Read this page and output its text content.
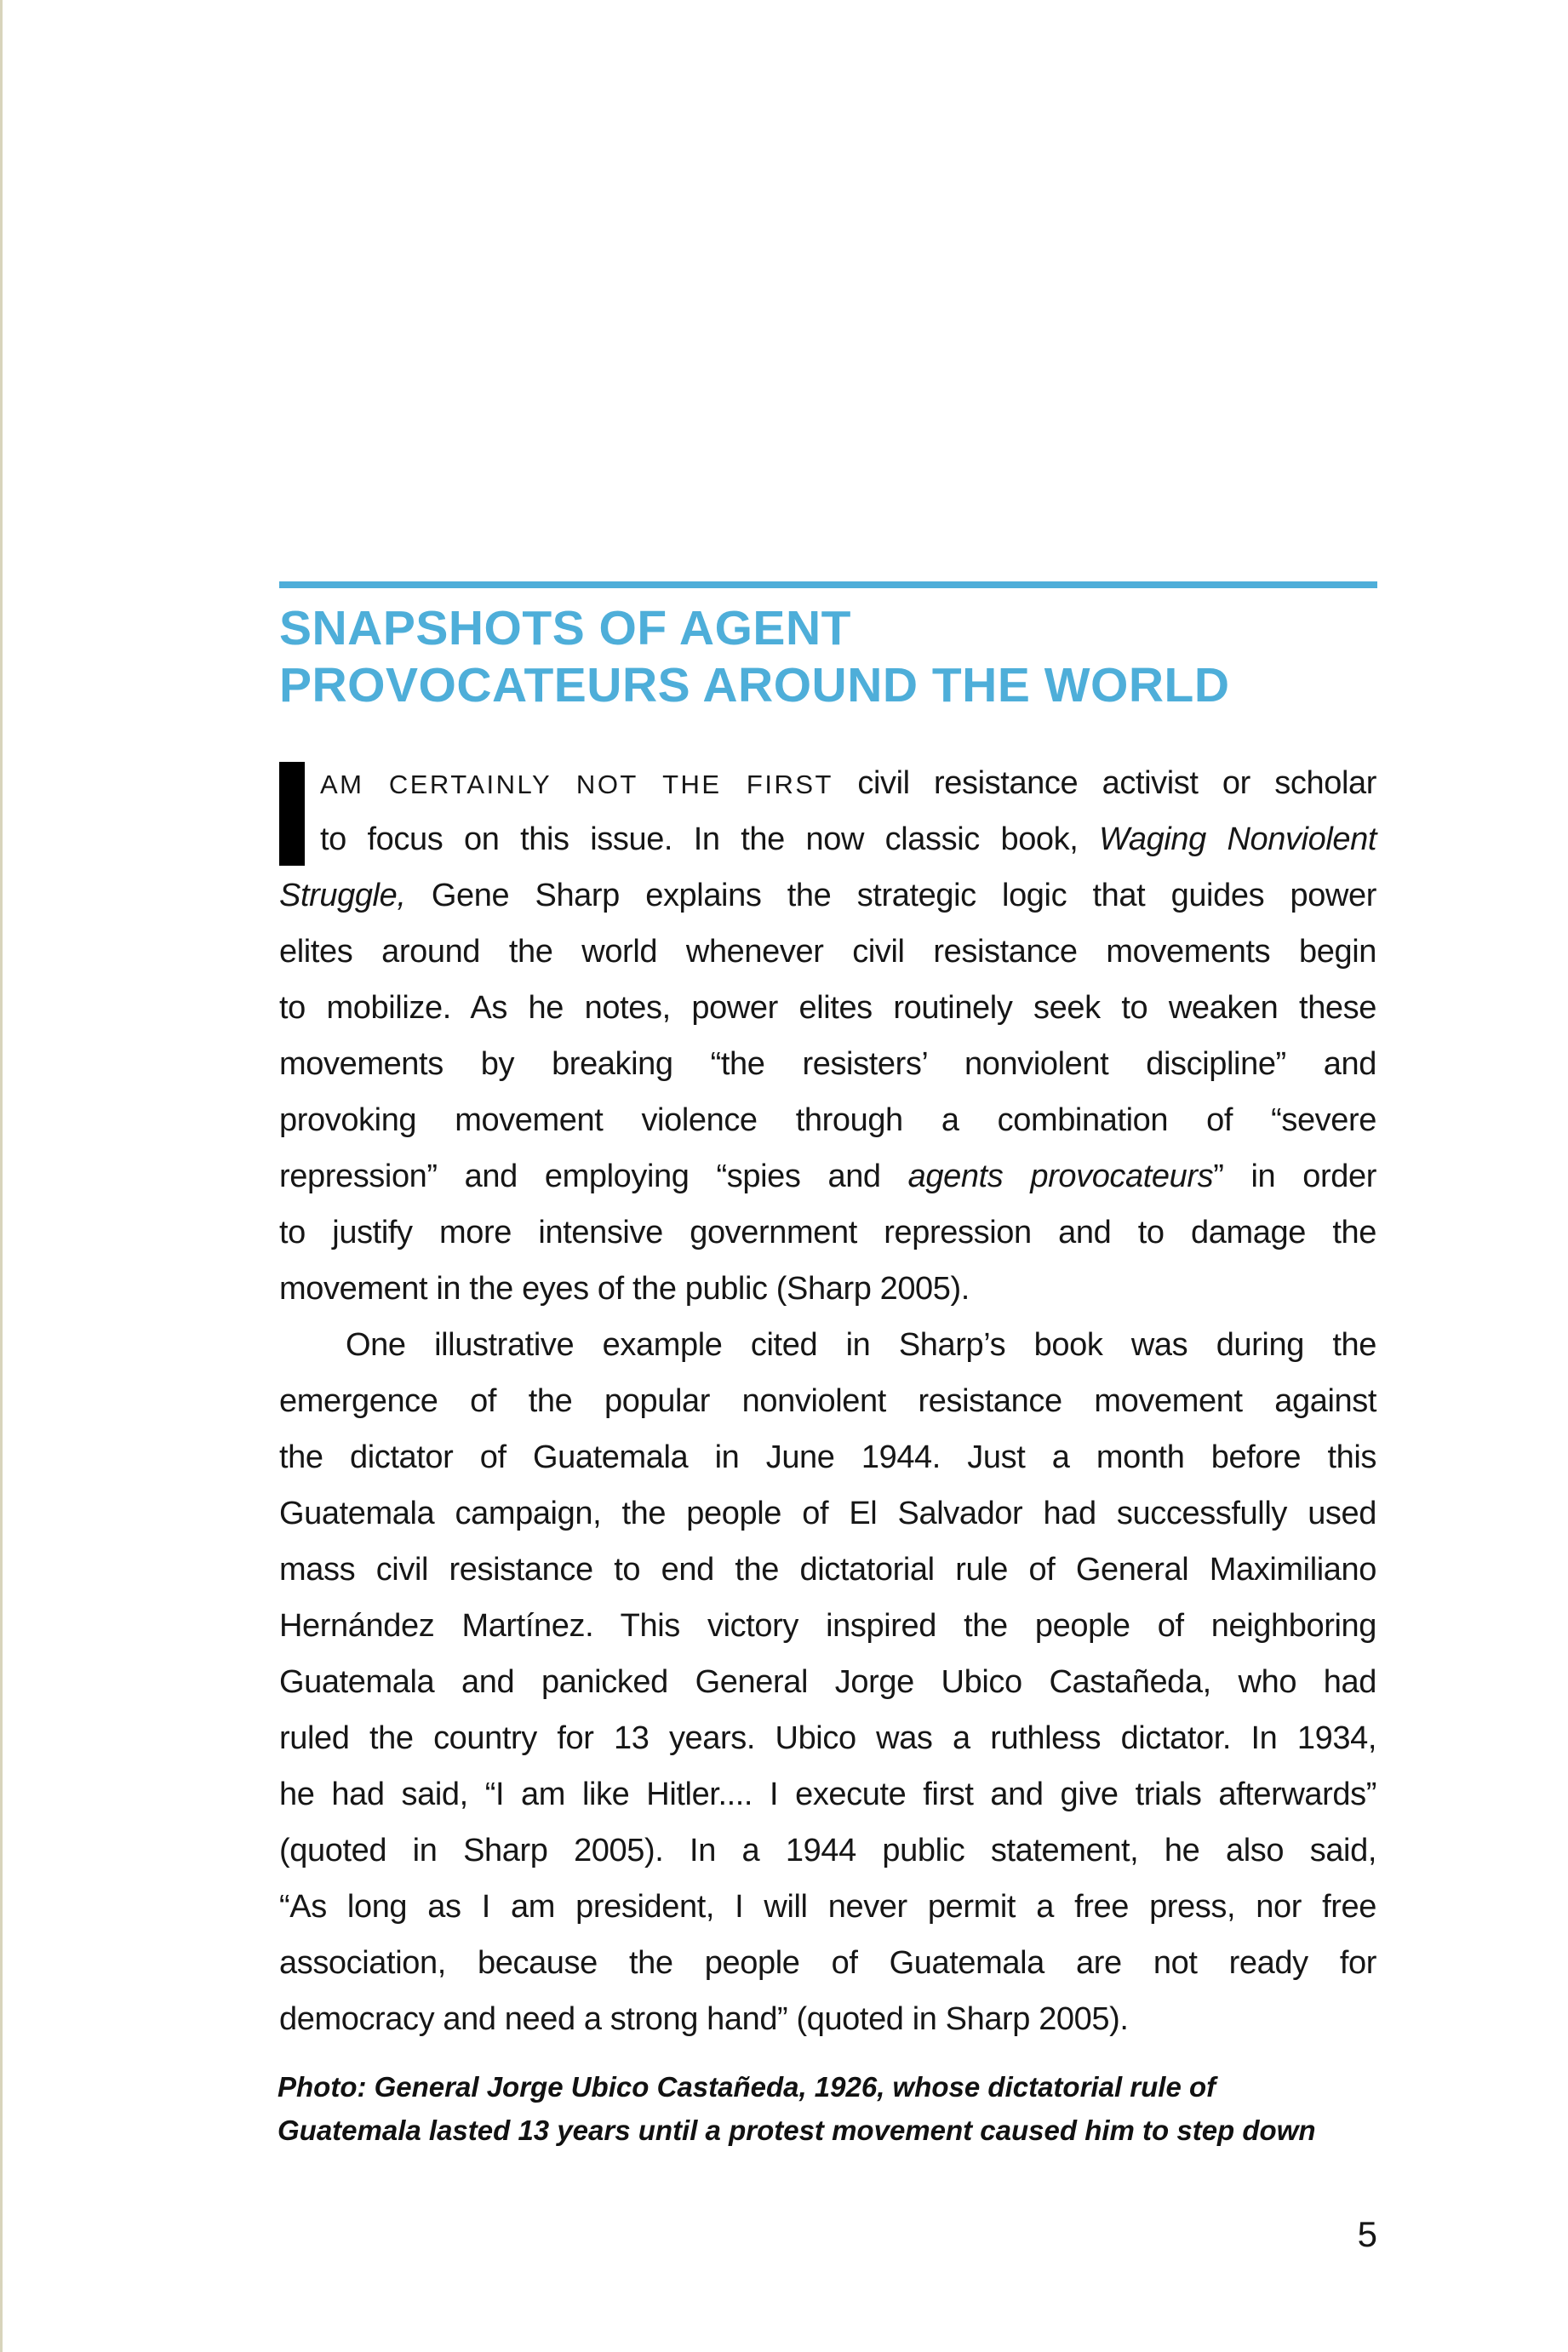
SNAPSHOTS OF AGENT
PROVOCATEURS AROUND THE WORLD
AM CERTAINLY NOT THE FIRST civil resistance activist or scholar
to focus on this issue. In the now classic book, Waging Nonviolent
Struggle, Gene Sharp explains the strategic logic that guides power
elites around the world whenever civil resistance movements begin
to mobilize. As he notes, power elites routinely seek to weaken these
movements by breaking “the resisters’ nonviolent discipline” and
provoking movement violence through a combination of “severe
repression” and employing “spies and agents provocateurs” in order
to justify more intensive government repression and to damage the
movement in the eyes of the public (Sharp 2005).
One illustrative example cited in Sharp’s book was during the
emergence of the popular nonviolent resistance movement against
the dictator of Guatemala in June 1944. Just a month before this
Guatemala campaign, the people of El Salvador had successfully used
mass civil resistance to end the dictatorial rule of General Maximiliano
Hernández Martínez. This victory inspired the people of neighboring
Guatemala and panicked General Jorge Ubico Castañeda, who had
ruled the country for 13 years. Ubico was a ruthless dictator. In 1934,
he had said, “I am like Hitler.... I execute first and give trials afterwards”
(quoted in Sharp 2005). In a 1944 public statement, he also said,
“As long as I am president, I will never permit a free press, nor free
association, because the people of Guatemala are not ready for
democracy and need a strong hand” (quoted in Sharp 2005).
Photo: General Jorge Ubico Castañeda, 1926, whose dictatorial rule of
Guatemala lasted 13 years until a protest movement caused him to step down
5
